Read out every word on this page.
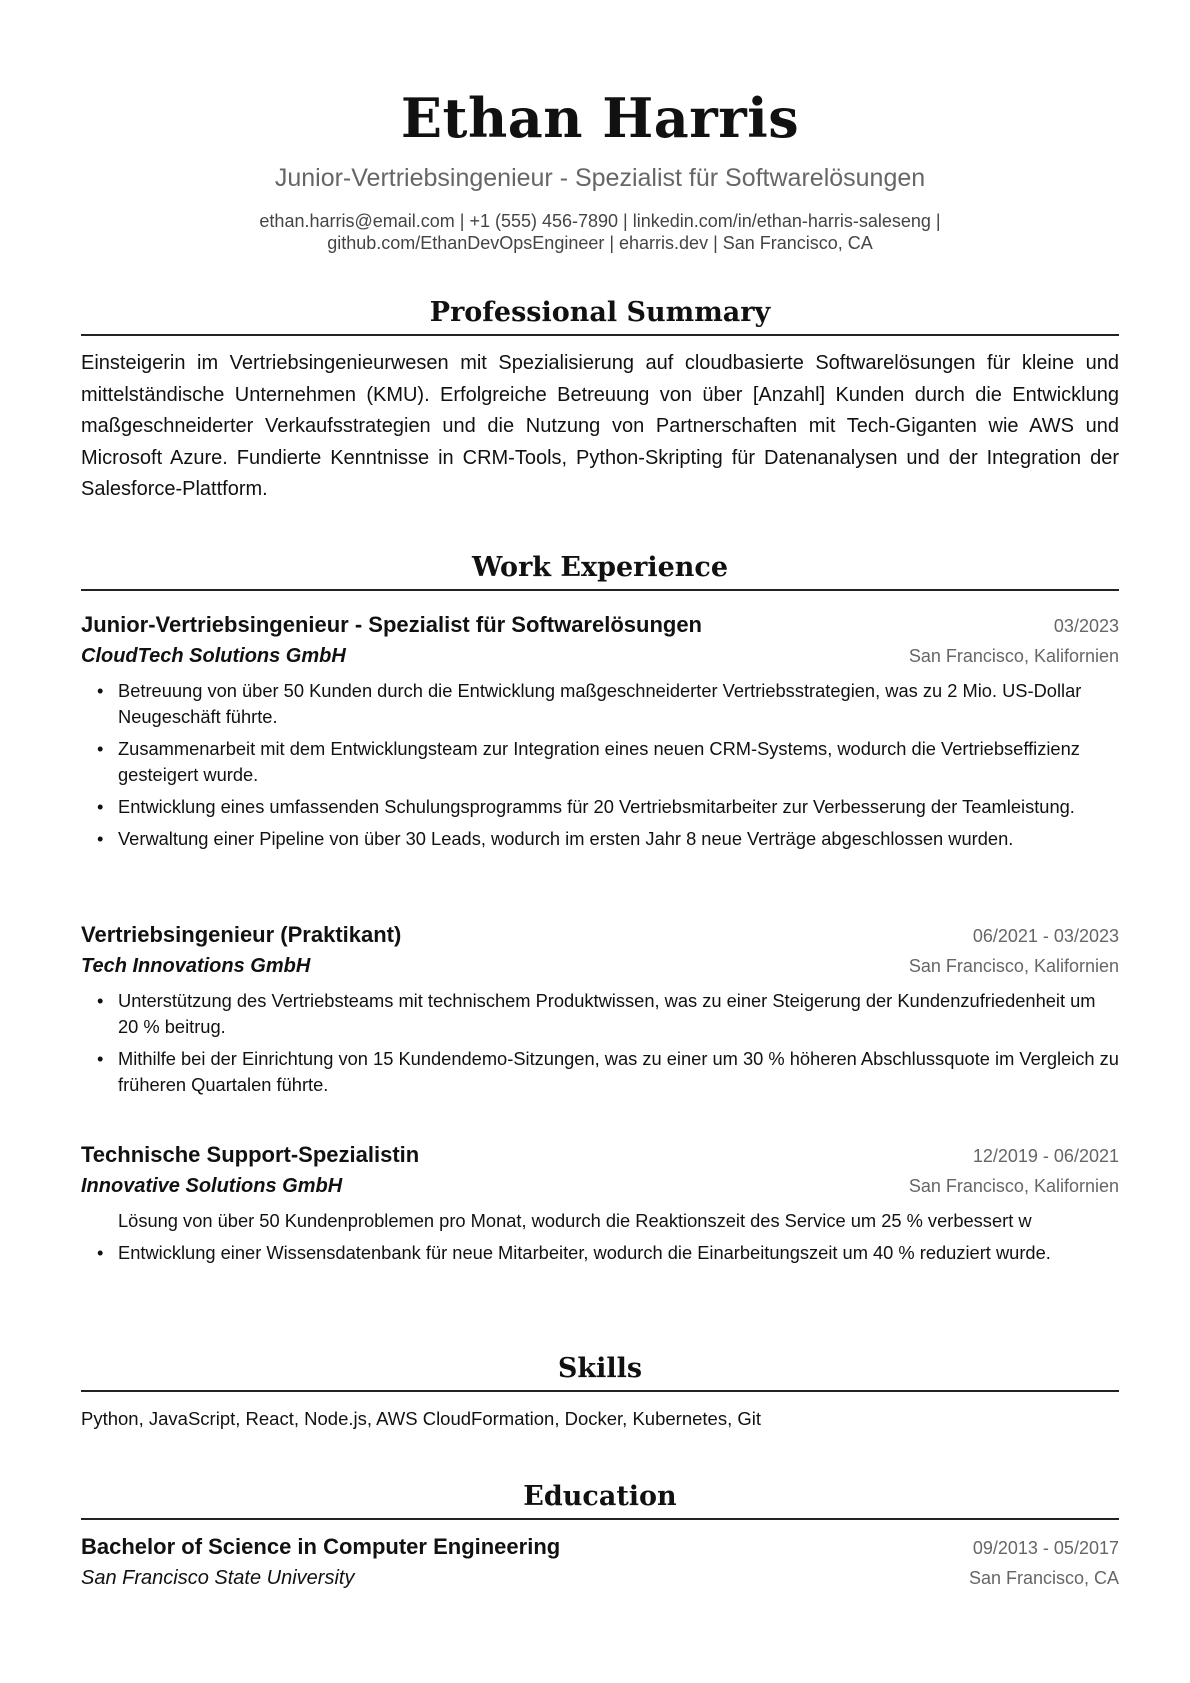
Ethan Harris
Junior-Vertriebsingenieur - Spezialist für Softwarelösungen
ethan.harris@email.com | +1 (555) 456-7890 | linkedin.com/in/ethan-harris-saleseng |
github.com/EthanDevOpsEngineer | eharris.dev | San Francisco, CA
Professional Summary
Einsteigerin im Vertriebsingenieurwesen mit Spezialisierung auf cloudbasierte Softwarelösungen für kleine und mittelständische Unternehmen (KMU). Erfolgreiche Betreuung von über [Anzahl] Kunden durch die Entwicklung maßgeschneiderter Verkaufsstrategien und die Nutzung von Partnerschaften mit Tech-Giganten wie AWS und Microsoft Azure. Fundierte Kenntnisse in CRM-Tools, Python-Skripting für Datenanalysen und der Integration der Salesforce-Plattform.
Work Experience
Junior-Vertriebsingenieur - Spezialist für Softwarelösungen	03/2023
CloudTech Solutions GmbH	San Francisco, Kalifornien
• Betreuung von über 50 Kunden durch die Entwicklung maßgeschneiderter Vertriebsstrategien, was zu 2 Mio. US-Dollar Neugeschäft führte.
• Zusammenarbeit mit dem Entwicklungsteam zur Integration eines neuen CRM-Systems, wodurch die Vertriebseffizienz gesteigert wurde.
• Entwicklung eines umfassenden Schulungsprogramms für 20 Vertriebsmitarbeiter zur Verbesserung der Teamleistung.
• Verwaltung einer Pipeline von über 30 Leads, wodurch im ersten Jahr 8 neue Verträge abgeschlossen wurden.
Vertriebsingenieur (Praktikant)	06/2021 - 03/2023
Tech Innovations GmbH	San Francisco, Kalifornien
• Unterstützung des Vertriebsteams mit technischem Produktwissen, was zu einer Steigerung der Kundenzufriedenheit um 20 % beitrug.
• Mithilfe bei der Einrichtung von 15 Kundendemo-Sitzungen, was zu einer um 30 % höheren Abschlussquote im Vergleich zu früheren Quartalen führte.
Technische Support-Spezialistin	12/2019 - 06/2021
Innovative Solutions GmbH	San Francisco, Kalifornien
• Lösung von über 50 Kundenproblemen pro Monat, wodurch die Reaktionszeit des Service um 25 % verbessert w
• Entwicklung einer Wissensdatenbank für neue Mitarbeiter, wodurch die Einarbeitungszeit um 40 % reduziert wurde.
Skills
Python, JavaScript, React, Node.js, AWS CloudFormation, Docker, Kubernetes, Git
Education
Bachelor of Science in Computer Engineering	09/2013 - 05/2017
San Francisco State University	San Francisco, CA
